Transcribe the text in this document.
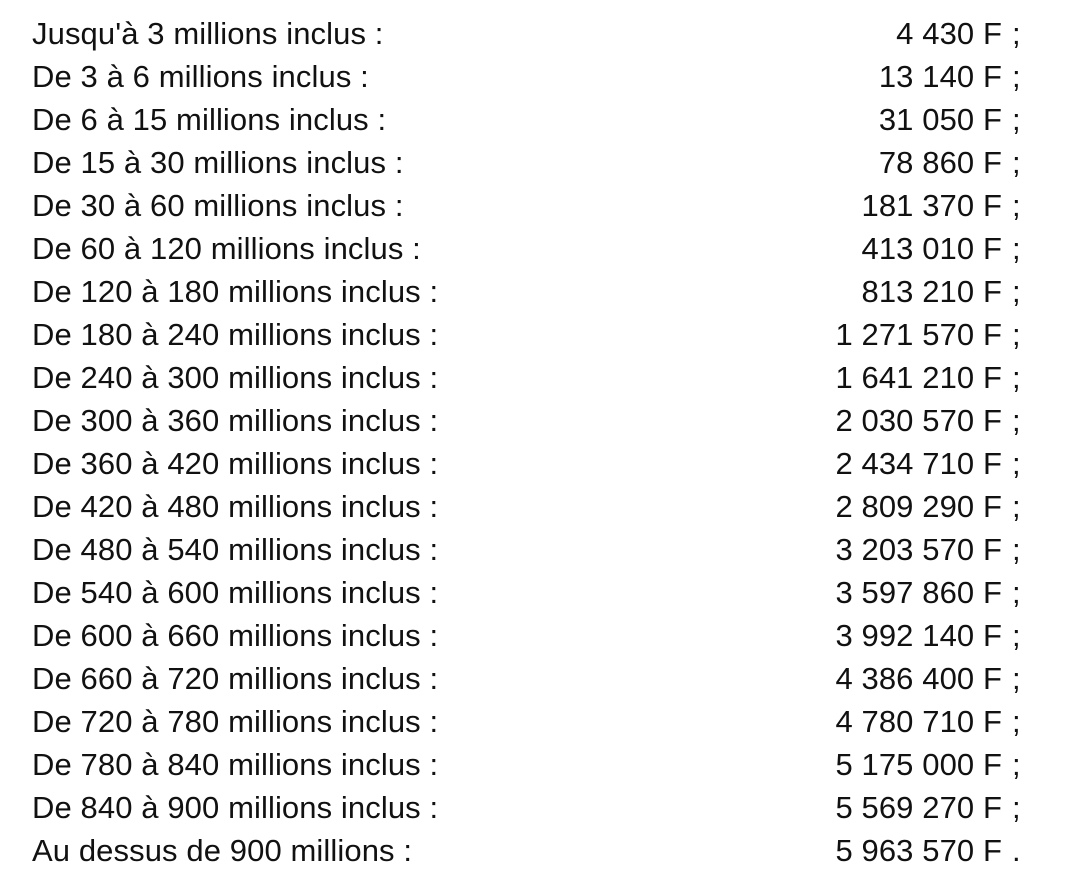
Jusqu'à 3 millions inclus :	4 430 F ;
De 3 à 6 millions inclus :	13 140 F ;
De 6 à 15 millions inclus :	31 050 F ;
De 15 à 30 millions inclus :	78 860 F ;
De 30 à 60 millions inclus :	181 370 F ;
De 60 à 120 millions inclus :	413 010 F ;
De 120 à 180 millions inclus :	813 210 F ;
De 180 à 240 millions inclus :	1 271 570 F ;
De 240 à 300 millions inclus :	1 641 210 F ;
De 300 à 360 millions inclus :	2 030 570 F ;
De 360 à 420 millions inclus :	2 434 710 F ;
De 420 à 480 millions inclus :	2 809 290 F ;
De 480 à 540 millions inclus :	3 203 570 F ;
De 540 à 600 millions inclus :	3 597 860 F ;
De 600 à 660 millions inclus :	3 992 140 F ;
De 660 à 720 millions inclus :	4 386 400 F ;
De 720 à 780 millions inclus :	4 780 710 F ;
De 780 à 840 millions inclus :	5 175 000 F ;
De 840 à 900 millions inclus :	5 569 270 F ;
Au dessus de 900 millions :	5 963 570 F .
